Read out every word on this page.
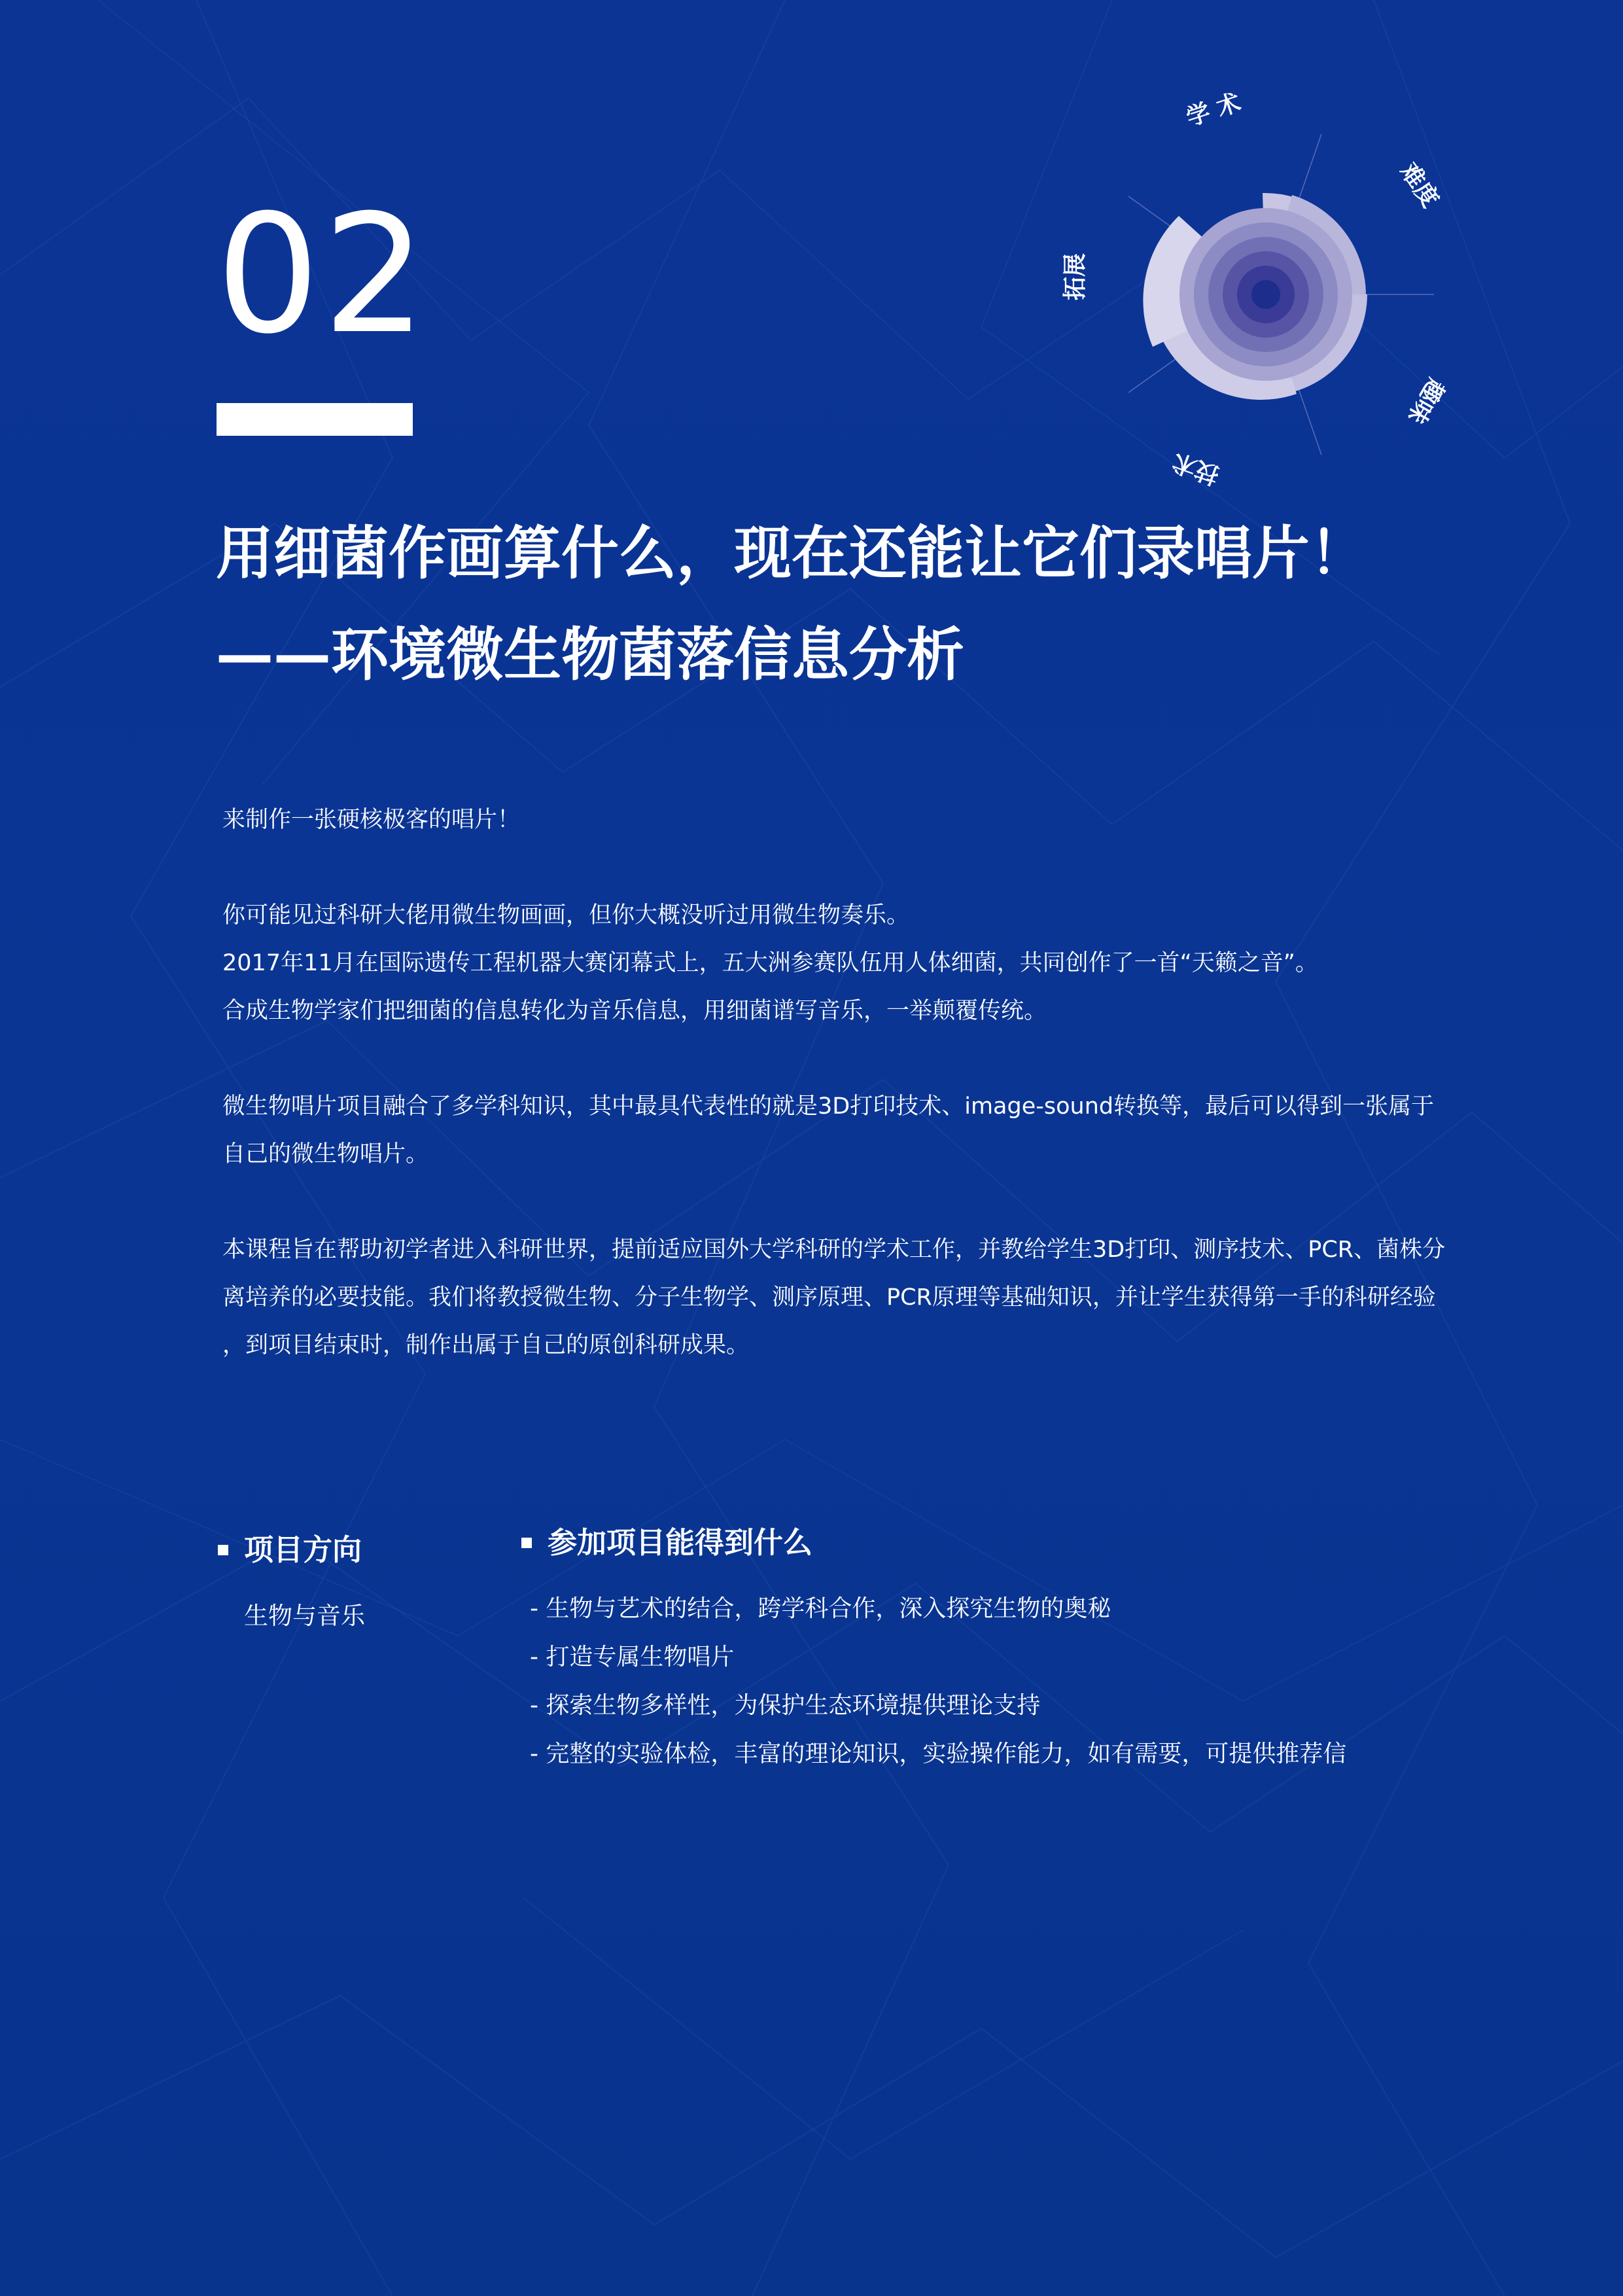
学 术
难度
趣味
技术
拓展
02
用细菌作画算什么，现在还能让它们录唱片！
——环境微生物菌落信息分析

来制作一张硬核极客的唱片！

你可能见过科研大佬用微生物画画，但你大概没听过用微生物奏乐。
2017年11月在国际遗传工程机器大赛闭幕式上，五大洲参赛队伍用人体细菌，共同创作了一首“天籁之音”。
合成生物学家们把细菌的信息转化为音乐信息，用细菌谱写音乐，一举颠覆传统。

微生物唱片项目融合了多学科知识，其中最具代表性的就是3D打印技术、image-sound转换等，最后可以得到一张属于
自己的微生物唱片。

本课程旨在帮助初学者进入科研世界，提前适应国外大学科研的学术工作，并教给学生3D打印、测序技术、PCR、菌株分
离培养的必要技能。我们将教授微生物、分子生物学、测序原理、PCR原理等基础知识，并让学生获得第一手的科研经验
，到项目结束时，制作出属于自己的原创科研成果。

项目方向
生物与音乐
参加项目能得到什么
- 生物与艺术的结合，跨学科合作，深入探究生物的奥秘
- 打造专属生物唱片
- 探索生物多样性，为保护生态环境提供理论支持
- 完整的实验体检，丰富的理论知识，实验操作能力，如有需要，可提供推荐信
